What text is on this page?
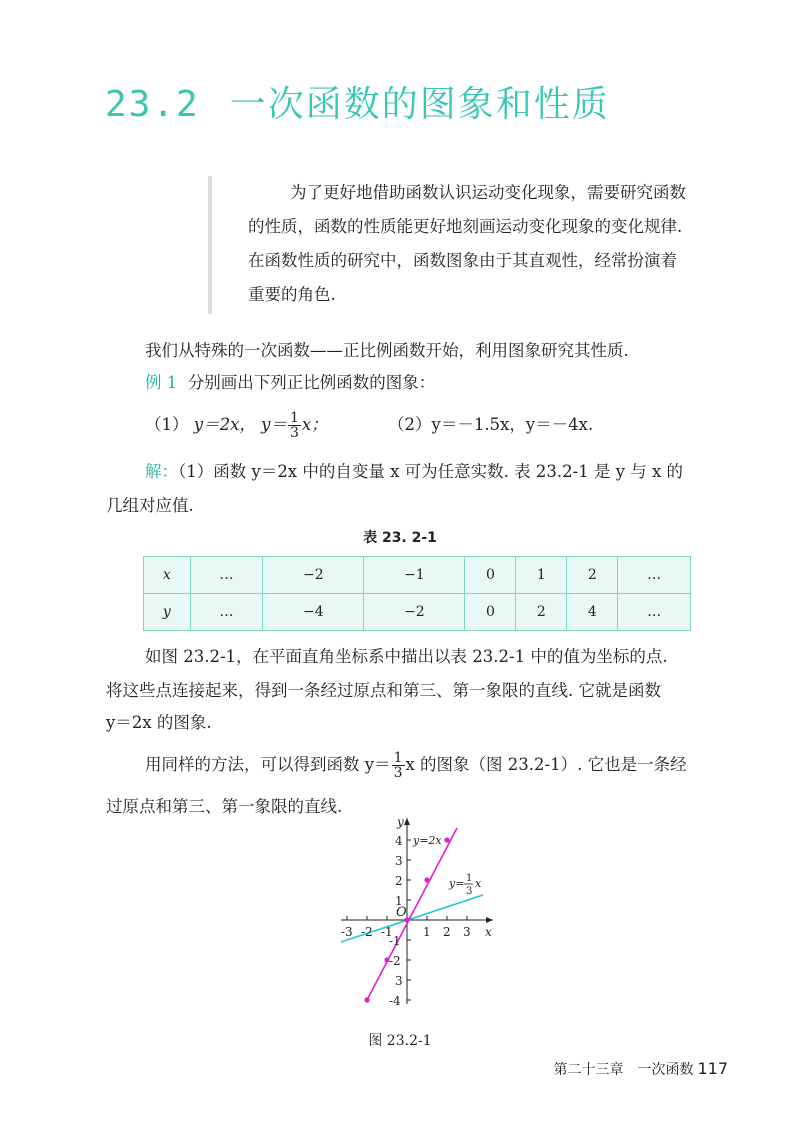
23.2 一次函数的图象和性质

为了更好地借助函数认识运动变化现象，需要研究函数

的性质，函数的性质能更好地刻画运动变化现象的变化规律.

在函数性质的研究中，函数图象由于其直观性，经常扮演着

重要的角色.

我们从特殊的一次函数——正比例函数开始，利用图象研究其性质.
例 1 分别画出下列正比例函数的图象：
（1） y＝2x， $y= \frac{1}{3}$ x；	（2）y＝－1.5x，y＝－4x.
解：（1）函数 y＝2x 中的自变量 x 可为任意实数. 表 23.2-1 是 y 与 x 的
几组对应值.
表 23. 2-1
x	…	−2	−1	0	1	2	…
y	…	−4	−2	0	2	4	…
如图 23.2-1，在平面直角坐标系中描出以表 23.2-1 中的值为坐标的点.
将这些点连接起来，得到一条经过原点和第三、第一象限的直线. 它就是函数
y＝2x 的图象.
用同样的方法，可以得到函数 $y= \frac{1}{3}$ x 的图象（图 23.2-1）. 它也是一条经
过原点和第三、第一象限的直线.
-3 -2 -1	1 2 3
4
3
2
1
-1
-2
3
-4
O
x
y
y=2x
y= 1
3
x
图 23.2-1
第二十三章　一次函数 117
